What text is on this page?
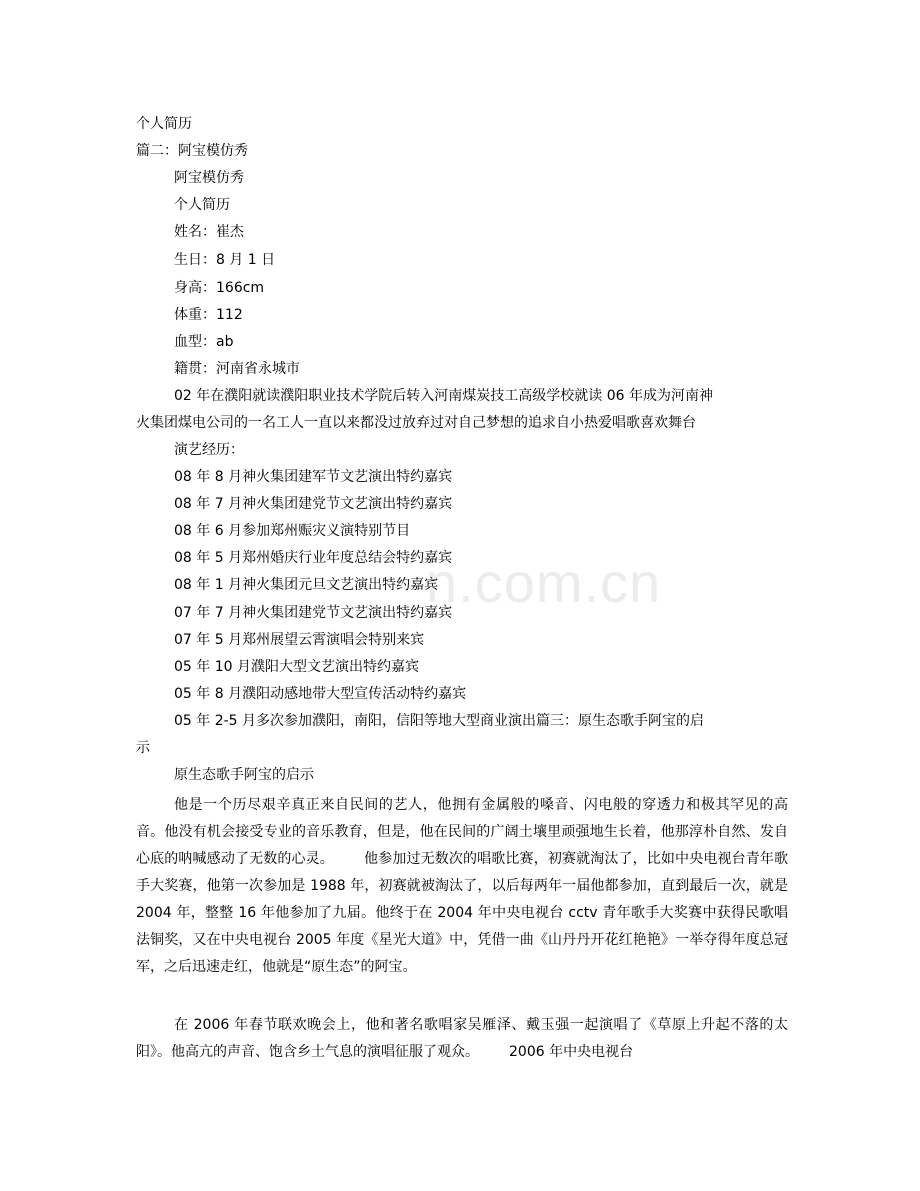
n.com.cn
个人简历
篇二：阿宝模仿秀
阿宝模仿秀
个人简历
姓名：崔杰
生日：8 月 1 日
身高：166cm
体重：112
血型：ab
籍贯：河南省永城市
02 年在濮阳就读濮阳职业技术学院后转入河南煤炭技工高级学校就读 06 年成为河南神
火集团煤电公司的一名工人一直以来都没过放弃过对自己梦想的追求自小热爱唱歌喜欢舞台
演艺经历：
08 年 8 月神火集团建军节文艺演出特约嘉宾
08 年 7 月神火集团建党节文艺演出特约嘉宾
08 年 6 月参加郑州赈灾义演特别节目
08 年 5 月郑州婚庆行业年度总结会特约嘉宾
08 年 1 月神火集团元旦文艺演出特约嘉宾
07 年 7 月神火集团建党节文艺演出特约嘉宾
07 年 5 月郑州展望云霄演唱会特别来宾
05 年 10 月濮阳大型文艺演出特约嘉宾
05 年 8 月濮阳动感地带大型宣传活动特约嘉宾
05 年 2-5 月多次参加濮阳，南阳，信阳等地大型商业演出篇三：原生态歌手阿宝的启
示
原生态歌手阿宝的启示
他是一个历尽艰辛真正来自民间的艺人，他拥有金属般的嗓音、闪电般的穿透力和极其罕见的高音。他没有机会接受专业的音乐教育，但是，他在民间的广阔土壤里顽强地生长着，他那淳朴自然、发自心底的呐喊感动了无数的心灵。 他参加过无数次的唱歌比赛，初赛就淘汰了，比如中央电视台青年歌手大奖赛，他第一次参加是 1988 年，初赛就被淘汰了，以后每两年一届他都参加，直到最后一次，就是 2004 年，整整 16 年他参加了九届。他终于在 2004 年中央电视台 cctv 青年歌手大奖赛中获得民歌唱法铜奖，又在中央电视台 2005 年度《星光大道》中，凭借一曲《山丹丹开花红艳艳》一举夺得年度总冠军，之后迅速走红，他就是“原生态”的阿宝。
在 2006 年春节联欢晚会上，他和著名歌唱家吴雁泽、戴玉强一起演唱了《草原上升起不落的太阳》。他高亢的声音、饱含乡土气息的演唱征服了观众。 2006 年中央电视台
